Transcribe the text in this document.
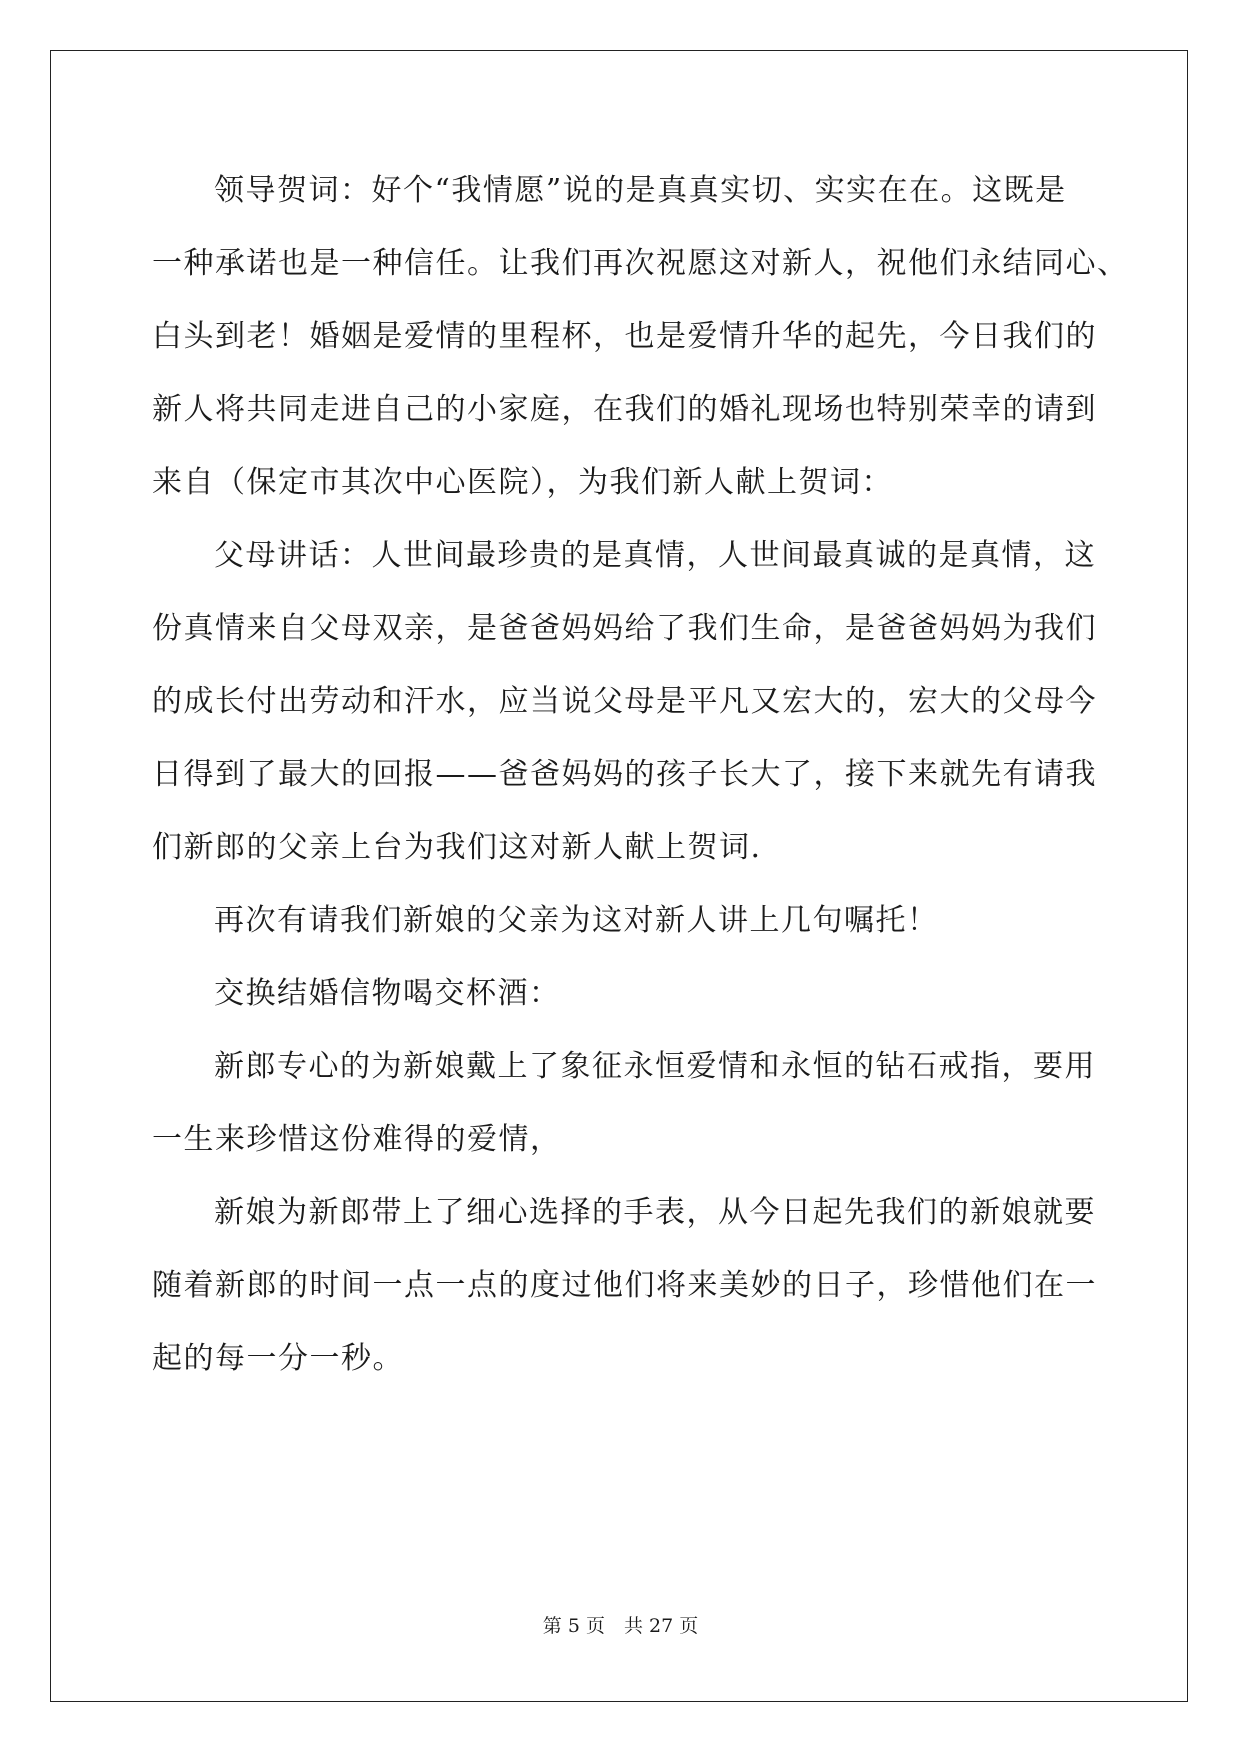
领导贺词：好个“我情愿”说的是真真实切、实实在在。这既是
一种承诺也是一种信任。让我们再次祝愿这对新人，祝他们永结同心、
白头到老！婚姻是爱情的里程杯，也是爱情升华的起先，今日我们的
新人将共同走进自己的小家庭，在我们的婚礼现场也特别荣幸的请到
来自（保定市其次中心医院），为我们新人献上贺词：
父母讲话：人世间最珍贵的是真情，人世间最真诚的是真情，这
份真情来自父母双亲，是爸爸妈妈给了我们生命，是爸爸妈妈为我们
的成长付出劳动和汗水，应当说父母是平凡又宏大的，宏大的父母今
日得到了最大的回报——爸爸妈妈的孩子长大了，接下来就先有请我
们新郎的父亲上台为我们这对新人献上贺词.
再次有请我们新娘的父亲为这对新人讲上几句嘱托！
交换结婚信物喝交杯酒：
新郎专心的为新娘戴上了象征永恒爱情和永恒的钻石戒指，要用
一生来珍惜这份难得的爱情，
新娘为新郎带上了细心选择的手表，从今日起先我们的新娘就要
随着新郎的时间一点一点的度过他们将来美妙的日子，珍惜他们在一
起的每一分一秒。
第 5 页　共 27 页
